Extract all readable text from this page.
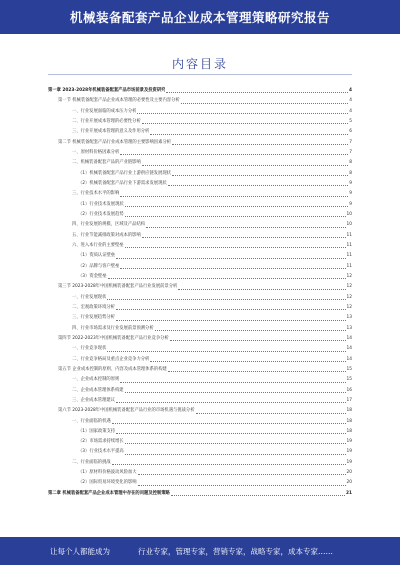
机械装备配套产品企业成本管理策略研究报告
内容目录
第一章 2023-2028年机械装备配套产品市场前景及投资研究	4
第一节 机械装备配套产品企业成本管理的必要性及主要内容分析	4
一、行业发展面临的成本压力分析	4
二、行业开展成本管理的必要性分析	5
三、行业开展成本管理的意义及作用分析	6
第二节 机械装备配套产品行业成本管理的主要影响因素分析	7
一、原材料价格因素分析	7
二、机械装备配套产品的产业链影响	8
（1）机械装备配套产品行业上游供应链发展现状	8
（2）机械装备配套产品行业下游需求发展现状	9
三、行业技术水平的影响	9
（1）行业技术发展现状	9
（2）行业技术发展趋势	10
四、行业发展的规模、区域及产品结构	10
五、行业节能减排政策对成本的影响	11
六、进入本行业的主要壁垒	11
（1）资质认证壁垒	11
（2）品牌与客户壁垒	11
（3）资金壁垒	12
第三节 2023-2028年中国机械装备配套产品行业发展前景分析	12
一、行业发展现状	12
二、宏观政策环境分析	12
三、行业发展趋势分析	13
四、行业市场需求及行业发展前景预测分析	13
第四节 2022-2023年中国机械装备配套产品行业竞争分析	14
一、行业竞争现状	14
二、行业竞争格局及重点企业竞争力分析	14
第五节 企业成本控制的原则、内容及成本管理体系的构建	15
一、企业成本控制的原则	15
二、企业成本管理体系构建	16
三、企业成本管理建议	17
第六节 2023-2028年中国机械装备配套产品行业的市场机遇与挑战分析	18
一、行业面临的机遇	18
（1）国家政策支持	18
（2）市场需求持续增长	19
（3）行业技术水平提高	19
二、行业面临的挑战	19
（1）原材料价格波动风险加大	20
（2）国际贸易环境变化的影响	20
第二章 机械装备配套产品企业成本管理中存在的问题及控制策略	21
让每个人都能成为	行业专家，管理专家，营销专家，战略专家，成本专家……
